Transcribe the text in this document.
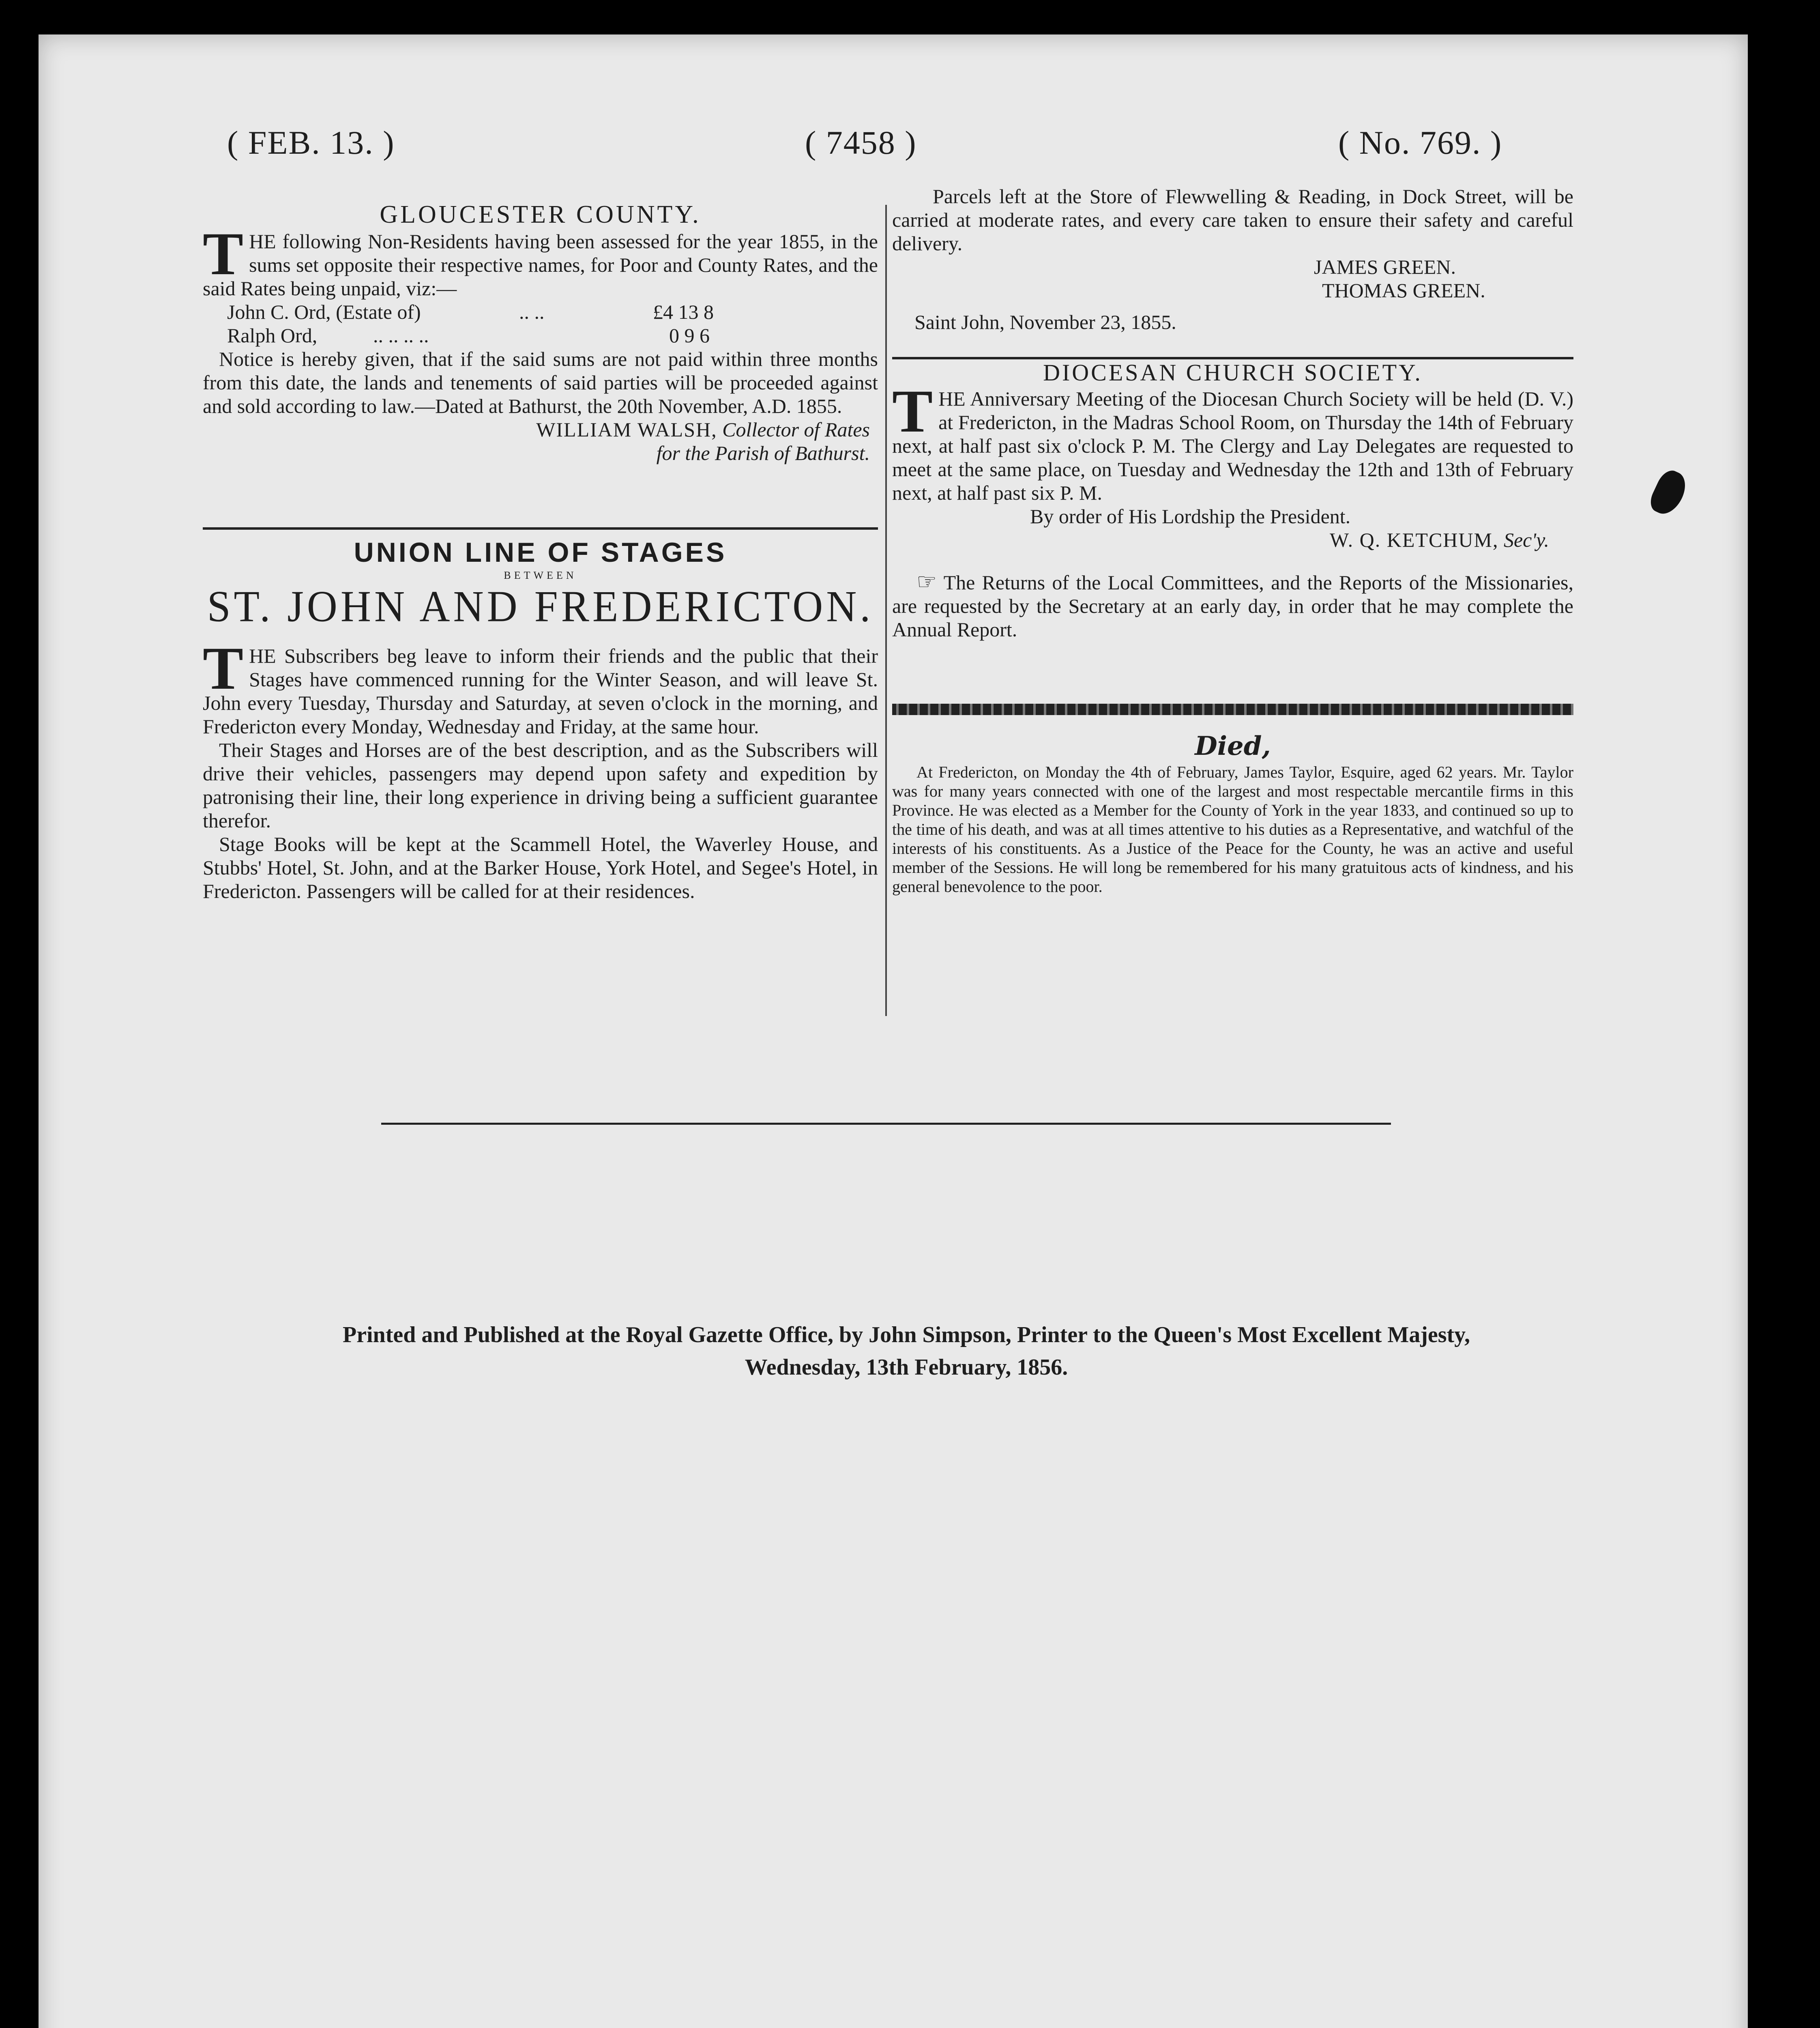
( FEB. 13. )	( 7458 )	( No. 769. )
GLOUCESTER COUNTY.
THE following Non-Residents having been assessed for the year 1855, in the sums set opposite their respective names, for Poor and County Rates, and the said Rates being unpaid, viz:—
John C. Ord, (Estate of)	.. ..	£4 13 8
Ralph Ord,	.. .. .. ..	0 9 6
Notice is hereby given, that if the said sums are not paid within three months from this date, the lands and tenements of said parties will be proceeded against and sold according to law.—Dated at Bathurst, the 20th November, A.D. 1855.
WILLIAM WALSH, Collector of Rates
for the Parish of Bathurst.
UNION LINE OF STAGES
BETWEEN
ST. JOHN AND FREDERICTON.
THE Subscribers beg leave to inform their friends and the public that their Stages have commenced running for the Winter Season, and will leave St. John every Tuesday, Thursday and Saturday, at seven o'clock in the morning, and Fredericton every Monday, Wednesday and Friday, at the same hour.
Their Stages and Horses are of the best description, and as the Subscribers will drive their vehicles, passengers may depend upon safety and expedition by patronising their line, their long experience in driving being a sufficient guarantee therefor.
Stage Books will be kept at the Scammell Hotel, the Waverley House, and Stubbs' Hotel, St. John, and at the Barker House, York Hotel, and Segee's Hotel, in Fredericton. Passengers will be called for at their residences.
Parcels left at the Store of Flewwelling & Reading, in Dock Street, will be carried at moderate rates, and every care taken to ensure their safety and careful delivery.
JAMES GREEN.
THOMAS GREEN.
Saint John, November 23, 1855.
DIOCESAN CHURCH SOCIETY.
THE Anniversary Meeting of the Diocesan Church Society will be held (D. V.) at Fredericton, in the Madras School Room, on Thursday the 14th of February next, at half past six o'clock P. M. The Clergy and Lay Delegates are requested to meet at the same place, on Tuesday and Wednesday the 12th and 13th of February next, at half past six P. M.
By order of His Lordship the President.
W. Q. KETCHUM, Sec'y.
☞ The Returns of the Local Committees, and the Reports of the Missionaries, are requested by the Secretary at an early day, in order that he may complete the Annual Report.
Died,
At Fredericton, on Monday the 4th of February, James Taylor, Esquire, aged 62 years. Mr. Taylor was for many years connected with one of the largest and most respectable mercantile firms in this Province. He was elected as a Member for the County of York in the year 1833, and continued so up to the time of his death, and was at all times attentive to his duties as a Representative, and watchful of the interests of his constituents. As a Justice of the Peace for the County, he was an active and useful member of the Sessions. He will long be remembered for his many gratuitous acts of kindness, and his general benevolence to the poor.
Printed and Published at the Royal Gazette Office, by John Simpson, Printer to the Queen's Most Excellent Majesty,
Wednesday, 13th February, 1856.
